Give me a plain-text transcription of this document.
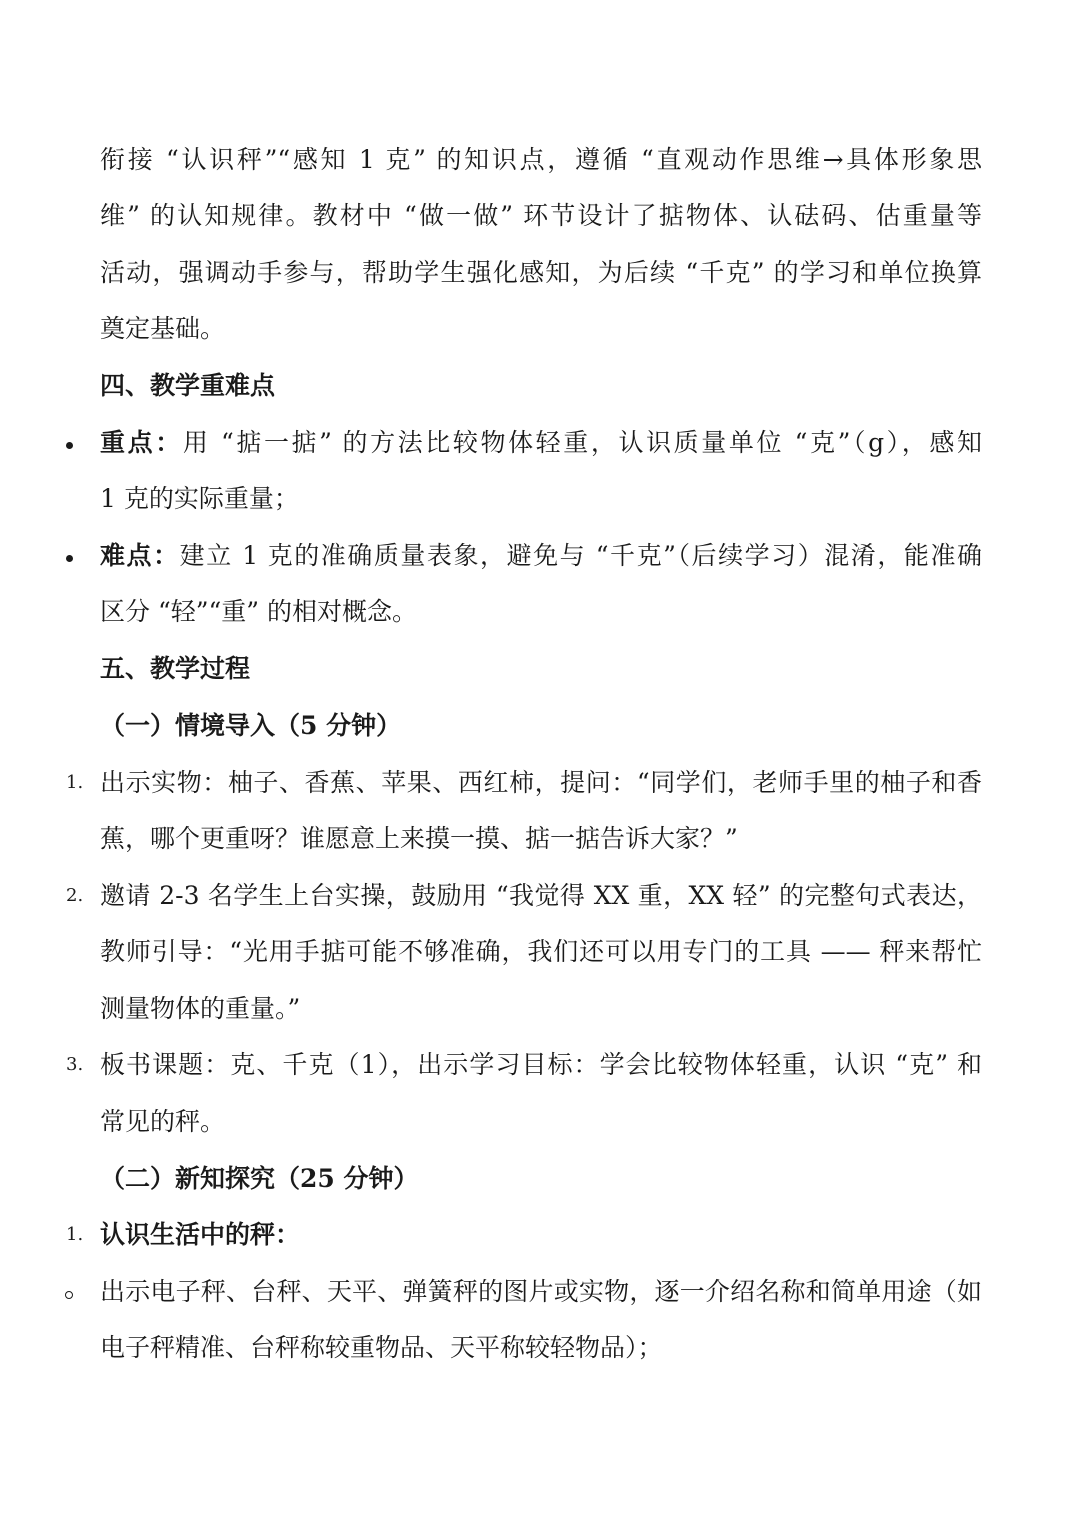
衔接 “认识秤”“感知 1 克” 的知识点，遵循 “直观动作思维→具体形象思
维” 的认知规律。教材中 “做一做” 环节设计了掂物体、认砝码、估重量等
活动，强调动手参与，帮助学生强化感知，为后续 “千克” 的学习和单位换算
奠定基础。
四、教学重难点
重点：用 “掂一掂” 的方法比较物体轻重，认识质量单位 “克”（g），感知
1 克的实际重量；
难点：建立 1 克的准确质量表象，避免与 “千克”（后续学习）混淆，能准确
区分 “轻”“重” 的相对概念。
五、教学过程
（一）情境导入（5 分钟）
1. 出示实物：柚子、香蕉、苹果、西红柿，提问：“同学们，老师手里的柚子和香
蕉，哪个更重呀？谁愿意上来摸一摸、掂一掂告诉大家？”
2. 邀请 2-3 名学生上台实操，鼓励用 “我觉得 XX 重，XX 轻” 的完整句式表达，
教师引导：“光用手掂可能不够准确，我们还可以用专门的工具 —— 秤来帮忙
测量物体的重量。”
3. 板书课题：克、千克（1），出示学习目标：学会比较物体轻重，认识 “克” 和
常见的秤。
（二）新知探究（25 分钟）
1. 认识生活中的秤：
出示电子秤、台秤、天平、弹簧秤的图片或实物，逐一介绍名称和简单用途（如
电子秤精准、台秤称较重物品、天平称较轻物品）；
